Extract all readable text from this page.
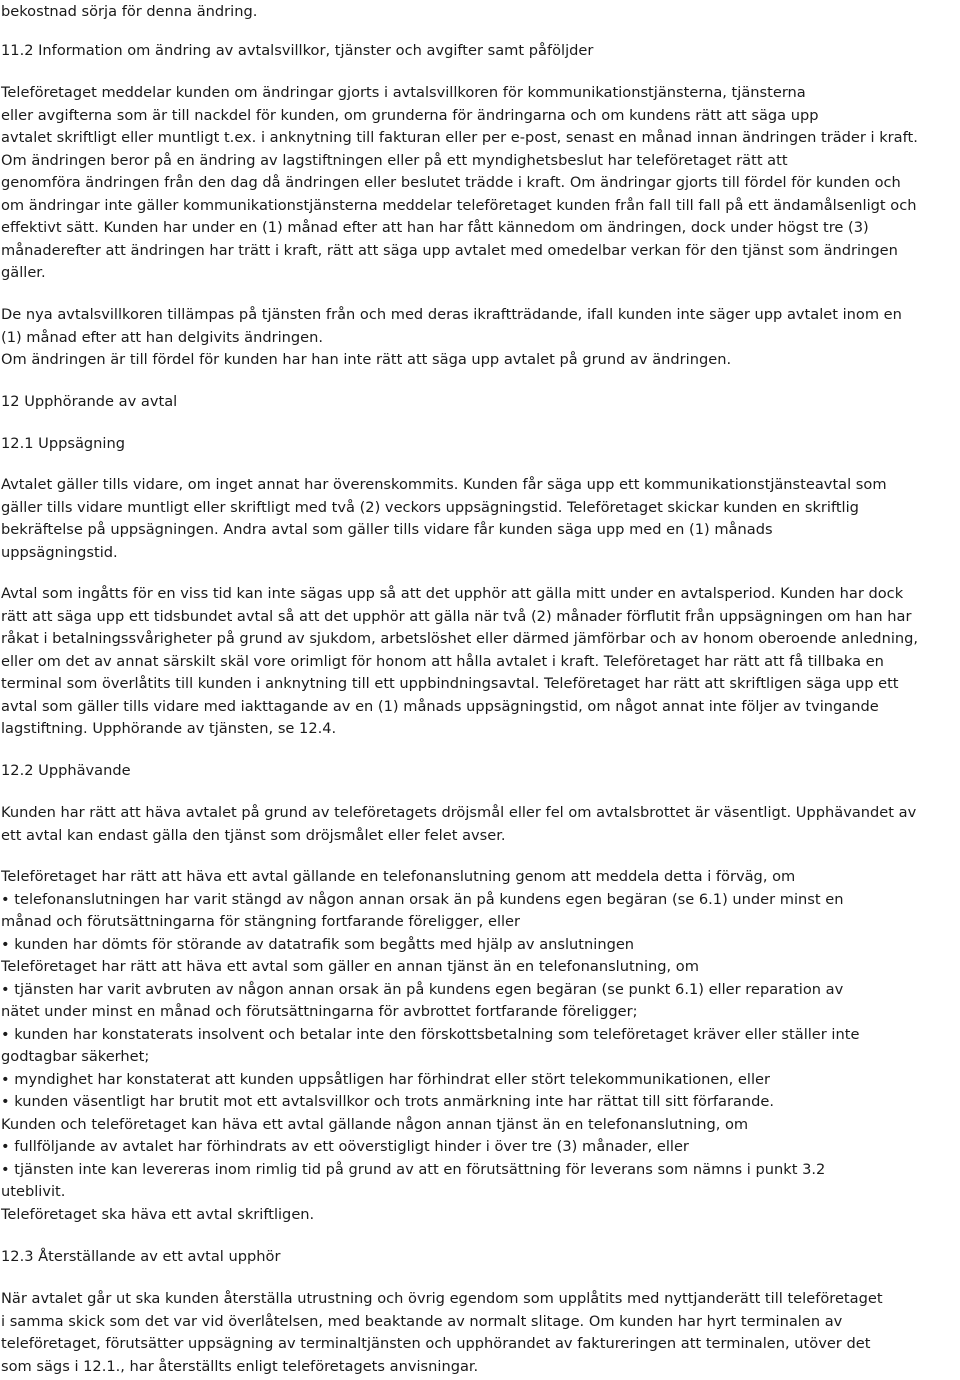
bekostnad sörja för denna ändring.

11.2 Information om ändring av avtalsvillkor, tjänster och avgifter samt påföljder

Teleföretaget meddelar kunden om ändringar gjorts i avtalsvillkoren för kommunikationstjänsterna, tjänsterna
eller avgifterna som är till nackdel för kunden, om grunderna för ändringarna och om kundens rätt att säga upp
avtalet skriftligt eller muntligt t.ex. i anknytning till fakturan eller per e-post, senast en månad innan ändringen träder i kraft.
Om ändringen beror på en ändring av lagstiftningen eller på ett myndighetsbeslut har teleföretaget rätt att
genomföra ändringen från den dag då ändringen eller beslutet trädde i kraft. Om ändringar gjorts till fördel för kunden och
om ändringar inte gäller kommunikationstjänsterna meddelar teleföretaget kunden från fall till fall på ett ändamålsenligt och
effektivt sätt. Kunden har under en (1) månad efter att han har fått kännedom om ändringen, dock under högst tre (3)
månaderefter att ändringen har trätt i kraft, rätt att säga upp avtalet med omedelbar verkan för den tjänst som ändringen
gäller.

De nya avtalsvillkoren tillämpas på tjänsten från och med deras ikraftträdande, ifall kunden inte säger upp avtalet inom en
(1) månad efter att han delgivits ändringen.
Om ändringen är till fördel för kunden har han inte rätt att säga upp avtalet på grund av ändringen.

12 Upphörande av avtal

12.1 Uppsägning

Avtalet gäller tills vidare, om inget annat har överenskommits. Kunden får säga upp ett kommunikationstjänsteavtal som
gäller tills vidare muntligt eller skriftligt med två (2) veckors uppsägningstid. Teleföretaget skickar kunden en skriftlig
bekräftelse på uppsägningen. Andra avtal som gäller tills vidare får kunden säga upp med en (1) månads
uppsägningstid.

Avtal som ingåtts för en viss tid kan inte sägas upp så att det upphör att gälla mitt under en avtalsperiod. Kunden har dock
rätt att säga upp ett tidsbundet avtal så att det upphör att gälla när två (2) månader förflutit från uppsägningen om han har
råkat i betalningssvårigheter på grund av sjukdom, arbetslöshet eller därmed jämförbar och av honom oberoende anledning,
eller om det av annat särskilt skäl vore orimligt för honom att hålla avtalet i kraft. Teleföretaget har rätt att få tillbaka en
terminal som överlåtits till kunden i anknytning till ett uppbindningsavtal. Teleföretaget har rätt att skriftligen säga upp ett
avtal som gäller tills vidare med iakttagande av en (1) månads uppsägningstid, om något annat inte följer av tvingande
lagstiftning. Upphörande av tjänsten, se 12.4.

12.2 Upphävande

Kunden har rätt att häva avtalet på grund av teleföretagets dröjsmål eller fel om avtalsbrottet är väsentligt. Upphävandet av
ett avtal kan endast gälla den tjänst som dröjsmålet eller felet avser.

Teleföretaget har rätt att häva ett avtal gällande en telefonanslutning genom att meddela detta i förväg, om
• telefonanslutningen har varit stängd av någon annan orsak än på kundens egen begäran (se 6.1) under minst en
månad och förutsättningarna för stängning fortfarande föreligger, eller
• kunden har dömts för störande av datatrafik som begåtts med hjälp av anslutningen
Teleföretaget har rätt att häva ett avtal som gäller en annan tjänst än en telefonanslutning, om
• tjänsten har varit avbruten av någon annan orsak än på kundens egen begäran (se punkt 6.1) eller reparation av
nätet under minst en månad och förutsättningarna för avbrottet fortfarande föreligger;
• kunden har konstaterats insolvent och betalar inte den förskottsbetalning som teleföretaget kräver eller ställer inte
godtagbar säkerhet;
• myndighet har konstaterat att kunden uppsåtligen har förhindrat eller stört telekommunikationen, eller
• kunden väsentligt har brutit mot ett avtalsvillkor och trots anmärkning inte har rättat till sitt förfarande.
Kunden och teleföretaget kan häva ett avtal gällande någon annan tjänst än en telefonanslutning, om
• fullföljande av avtalet har förhindrats av ett oöverstigligt hinder i över tre (3) månader, eller
• tjänsten inte kan levereras inom rimlig tid på grund av att en förutsättning för leverans som nämns i punkt 3.2
uteblivit.
Teleföretaget ska häva ett avtal skriftligen.

12.3 Återställande av ett avtal upphör

När avtalet går ut ska kunden återställa utrustning och övrig egendom som upplåtits med nyttjanderätt till teleföretaget
i samma skick som det var vid överlåtelsen, med beaktande av normalt slitage. Om kunden har hyrt terminalen av
teleföretaget, förutsätter uppsägning av terminaltjänsten och upphörandet av faktureringen att terminalen, utöver det
som sägs i 12.1., har återställts enligt teleföretagets anvisningar.
